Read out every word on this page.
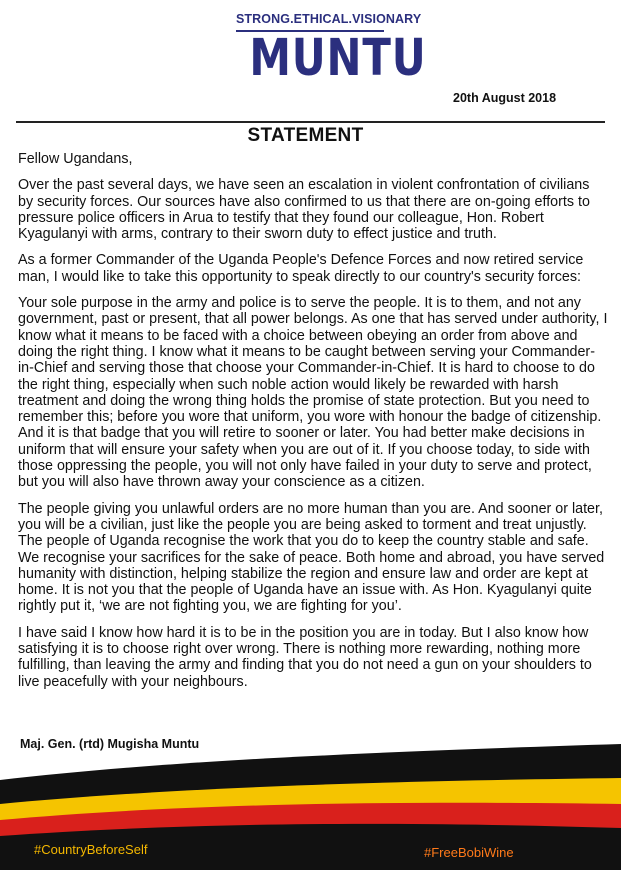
STRONG.ETHICAL.VISIONARY
MUNTU
20th August 2018
STATEMENT

Fellow Ugandans,

Over the past several days, we have seen an escalation in violent confrontation of civilians by security forces. Our sources have also confirmed to us that there are on-going efforts to pressure police officers in Arua to testify that they found our colleague, Hon. Robert Kyagulanyi with arms, contrary to their sworn duty to effect justice and truth.

As a former Commander of the Uganda People's Defence Forces and now retired service man, I would like to take this opportunity to speak directly to our country's security forces:

Your sole purpose in the army and police is to serve the people. It is to them, and not any government, past or present, that all power belongs. As one that has served under authority, I know what it means to be faced with a choice between obeying an order from above and doing the right thing. I know what it means to be caught between serving your Commander-in-Chief and serving those that choose your Commander-in-Chief. It is hard to choose to do the right thing, especially when such noble action would likely be rewarded with harsh treatment and doing the wrong thing holds the promise of state protection. But you need to remember this; before you wore that uniform, you wore with honour the badge of citizenship. And it is that badge that you will retire to sooner or later. You had better make decisions in uniform that will ensure your safety when you are out of it. If you choose today, to side with those oppressing the people, you will not only have failed in your duty to serve and protect, but you will also have thrown away your conscience as a citizen.

The people giving you unlawful orders are no more human than you are. And sooner or later, you will be a civilian, just like the people you are being asked to torment and treat unjustly. The people of Uganda recognise the work that you do to keep the country stable and safe. We recognise your sacrifices for the sake of peace. Both home and abroad, you have served humanity with distinction, helping stabilize the region and ensure law and order are kept at home. It is not you that the people of Uganda have an issue with. As Hon. Kyagulanyi quite rightly put it, ‘we are not fighting you, we are fighting for you’.

I have said I know how hard it is to be in the position you are in today. But I also know how satisfying it is to choose right over wrong. There is nothing more rewarding, nothing more fulfilling, than leaving the army and finding that you do not need a gun on your shoulders to live peacefully with your neighbours.

Maj. Gen. (rtd) Mugisha Muntu
#CountryBeforeSelf	#FreeBobiWine
